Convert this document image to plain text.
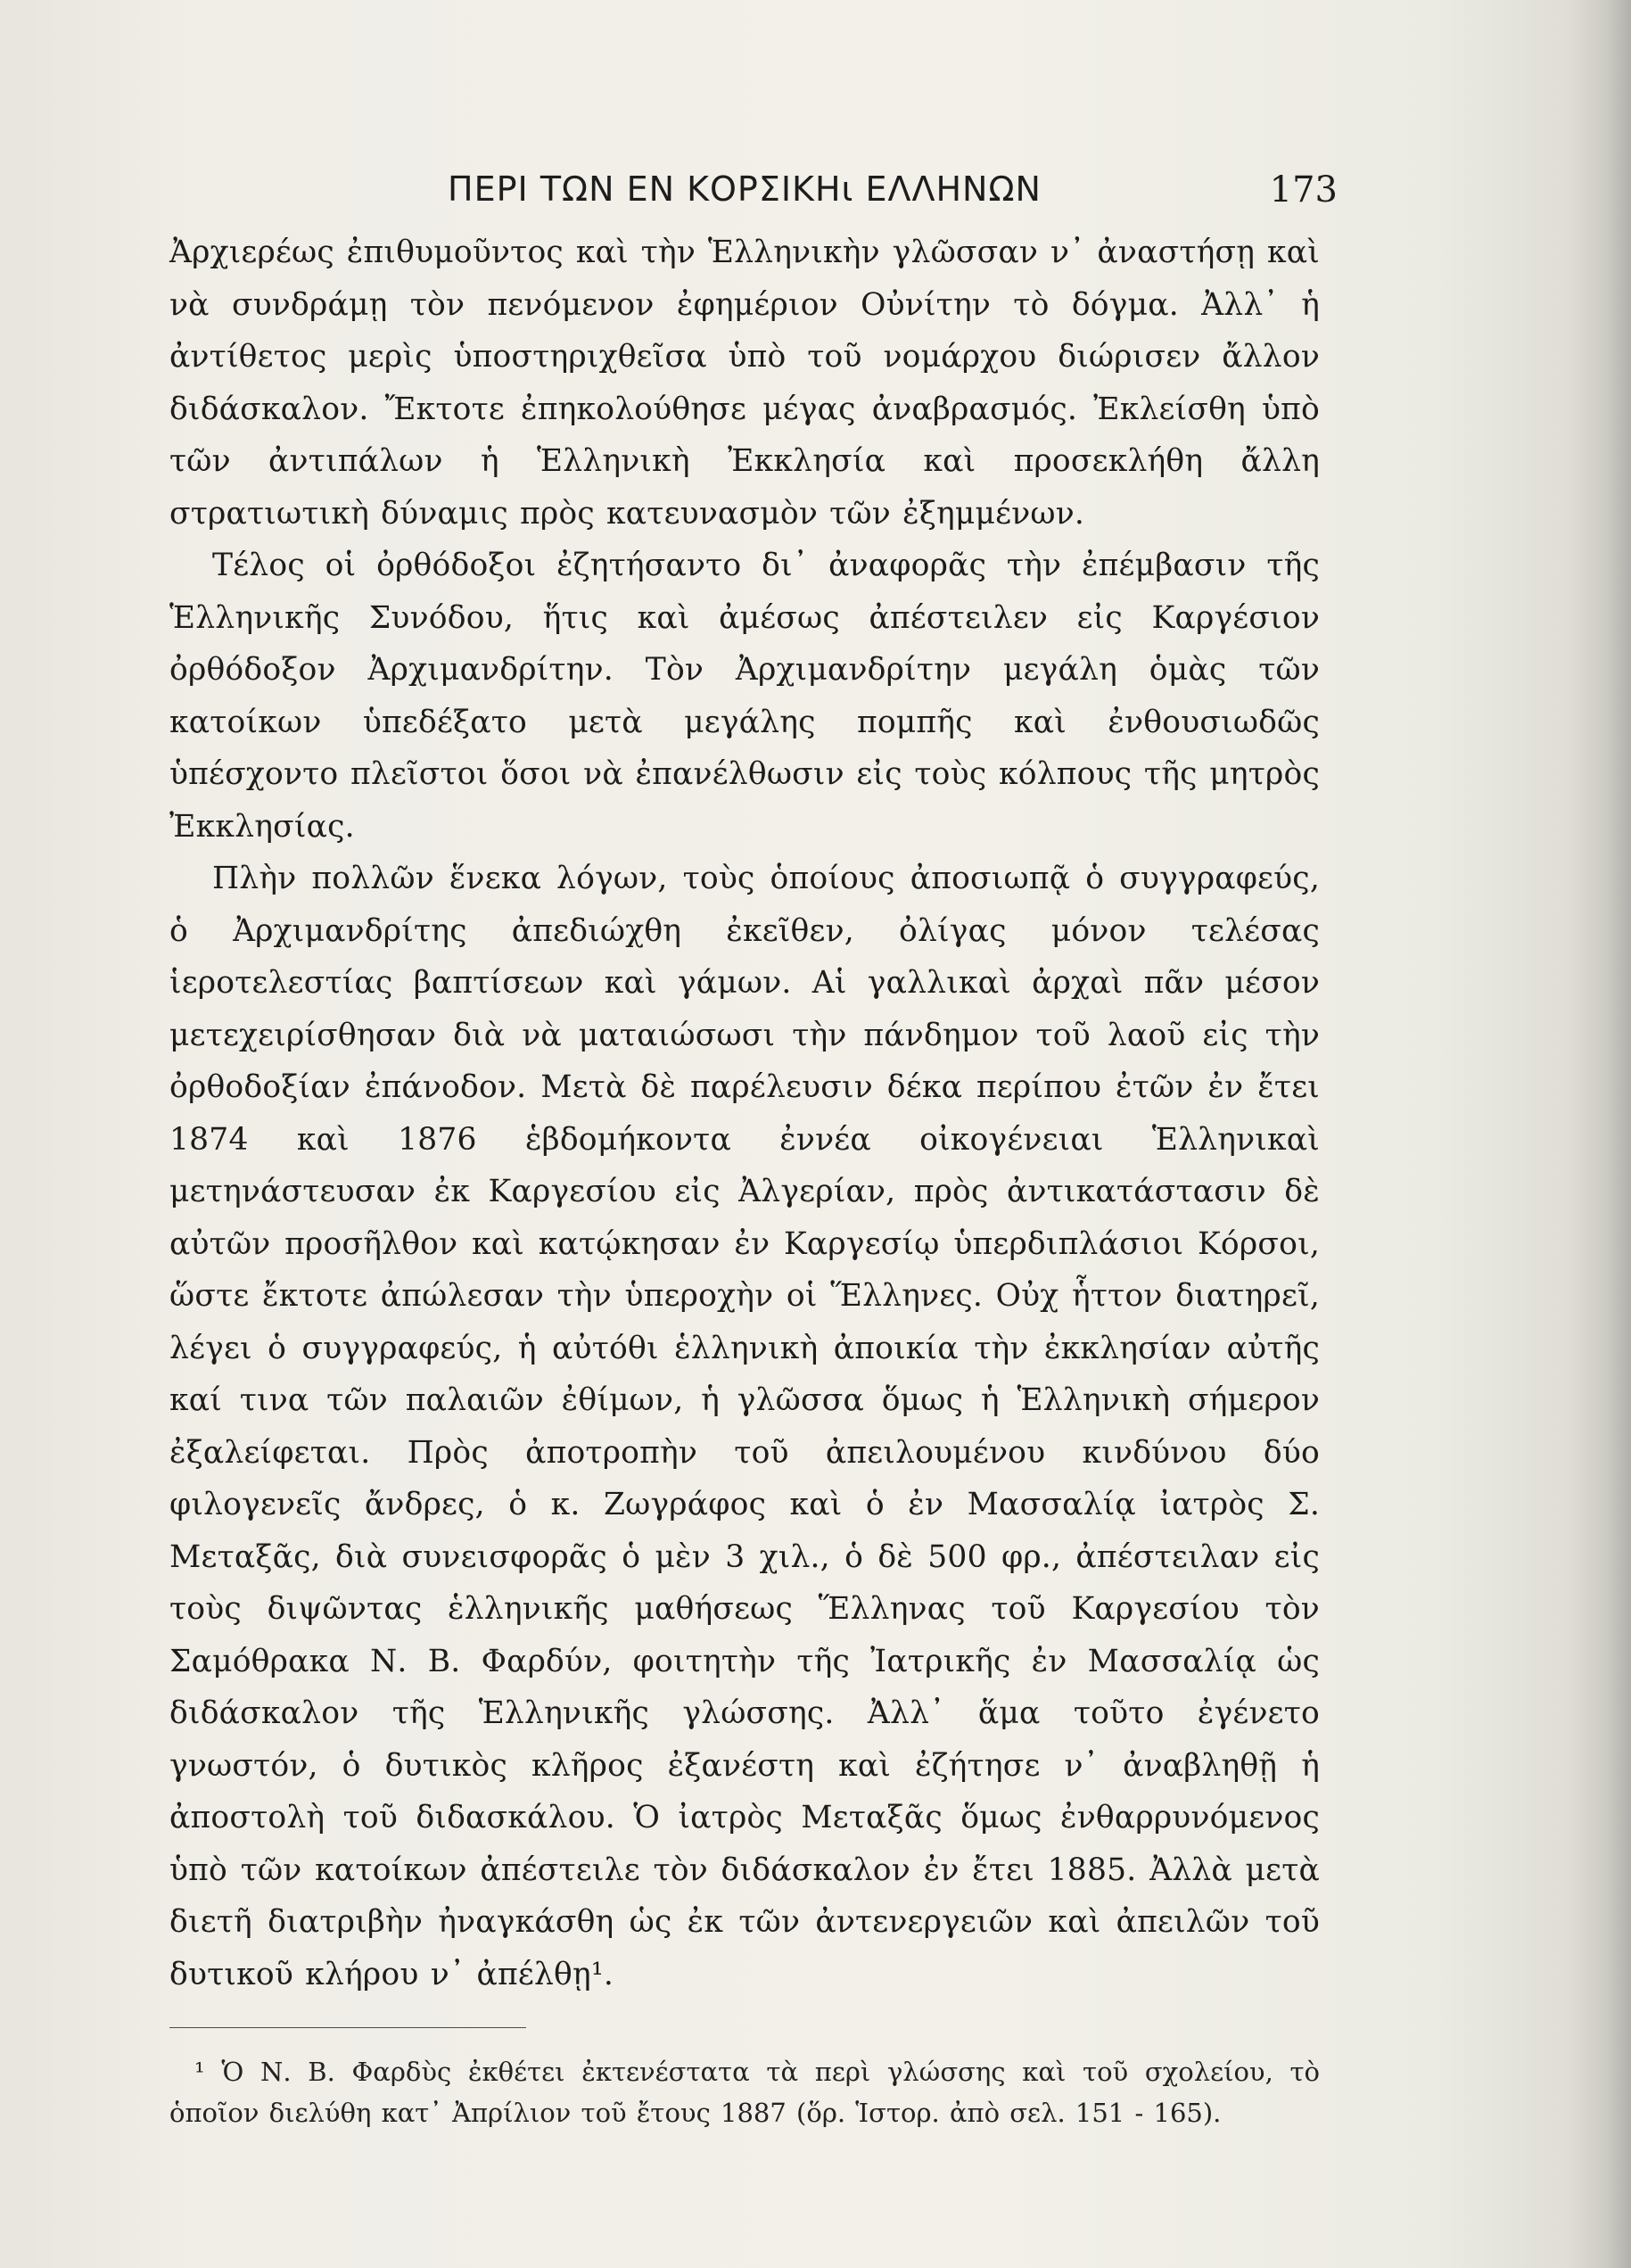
ΠΕΡΙ ΤΩΝ ΕΝ ΚΟΡΣΙΚΗι ΕΛΛΗΝΩΝ	173

Ἀρχιερέως ἐπιθυμοῦντος καὶ τὴν Ἑλληνικὴν γλῶσσαν ν᾿ ἀναστήσῃ καὶ νὰ συνδράμῃ τὸν πενόμενον ἐφημέριον Οὐνίτην τὸ δόγμα. Ἀλλ᾿ ἡ ἀντίθετος μερὶς ὑποστηριχθεῖσα ὑπὸ τοῦ νομάρχου διώρισεν ἄλλον διδάσκαλον. Ἔκτοτε ἐπηκολούθησε μέγας ἀναβρασμός. Ἐκλείσθη ὑπὸ τῶν ἀντιπάλων ἡ Ἑλληνικὴ Ἐκκλησία καὶ προσεκλήθη ἄλλη στρατιωτικὴ δύναμις πρὸς κατευνασμὸν τῶν ἐξημμένων.

Τέλος οἱ ὀρθόδοξοι ἐζητήσαντο δι᾿ ἀναφορᾶς τὴν ἐπέμβασιν τῆς Ἑλληνικῆς Συνόδου, ἥτις καὶ ἀμέσως ἀπέστειλεν εἰς Καργέσιον ὀρθόδοξον Ἀρχιμανδρίτην. Τὸν Ἀρχιμανδρίτην μεγάλη ὁμὰς τῶν κατοίκων ὑπεδέξατο μετὰ μεγάλης πομπῆς καὶ ἐνθουσιωδῶς ὑπέσχοντο πλεῖστοι ὅσοι νὰ ἐπανέλθωσιν εἰς τοὺς κόλπους τῆς μητρὸς Ἐκκλησίας.

Πλὴν πολλῶν ἕνεκα λόγων, τοὺς ὁποίους ἀποσιωπᾷ ὁ συγγραφεύς, ὁ Ἀρχιμανδρίτης ἀπεδιώχθη ἐκεῖθεν, ὀλίγας μόνον τελέσας ἱεροτελεστίας βαπτίσεων καὶ γάμων. Αἱ γαλλικαὶ ἀρχαὶ πᾶν μέσον μετεχειρίσθησαν διὰ νὰ ματαιώσωσι τὴν πάνδημον τοῦ λαοῦ εἰς τὴν ὀρθοδοξίαν ἐπάνοδον. Μετὰ δὲ παρέλευσιν δέκα περίπου ἐτῶν ἐν ἔτει 1874 καὶ 1876 ἑβδομήκοντα ἐννέα οἰκογένειαι Ἑλληνικαὶ μετηνάστευσαν ἐκ Καργεσίου εἰς Ἀλγερίαν, πρὸς ἀντικατάστασιν δὲ αὐτῶν προσῆλθον καὶ κατῴκησαν ἐν Καργεσίῳ ὑπερδιπλάσιοι Κόρσοι, ὥστε ἔκτοτε ἀπώλεσαν τὴν ὑπεροχὴν οἱ Ἕλληνες. Οὐχ ἧττον διατηρεῖ, λέγει ὁ συγγραφεύς, ἡ αὐτόθι ἑλληνικὴ ἀποικία τὴν ἐκκλησίαν αὐτῆς καί τινα τῶν παλαιῶν ἐθίμων, ἡ γλῶσσα ὅμως ἡ Ἑλληνικὴ σήμερον ἐξαλείφεται. Πρὸς ἀποτροπὴν τοῦ ἀπειλουμένου κινδύνου δύο φιλογενεῖς ἄνδρες, ὁ κ. Ζωγράφος καὶ ὁ ἐν Μασσαλίᾳ ἰατρὸς Σ. Μεταξᾶς, διὰ συνεισφορᾶς ὁ μὲν 3 χιλ., ὁ δὲ 500 φρ., ἀπέστειλαν εἰς τοὺς διψῶντας ἑλληνικῆς μαθήσεως Ἕλληνας τοῦ Καργεσίου τὸν Σαμόθρακα Ν. Β. Φαρδύν, φοιτητὴν τῆς Ἰατρικῆς ἐν Μασσαλίᾳ ὡς διδάσκαλον τῆς Ἑλληνικῆς γλώσσης. Ἀλλ᾿ ἅμα τοῦτο ἐγένετο γνωστόν, ὁ δυτικὸς κλῆρος ἐξανέστη καὶ ἐζήτησε ν᾿ ἀναβληθῇ ἡ ἀποστολὴ τοῦ διδασκάλου. Ὁ ἰατρὸς Μεταξᾶς ὅμως ἐνθαρρυνόμενος ὑπὸ τῶν κατοίκων ἀπέστειλε τὸν διδάσκαλον ἐν ἔτει 1885. Ἀλλὰ μετὰ διετῆ διατριβὴν ἠναγκάσθη ὡς ἐκ τῶν ἀντενεργειῶν καὶ ἀπειλῶν τοῦ δυτικοῦ κλήρου ν᾿ ἀπέλθῃ¹.

¹ Ὁ Ν. Β. Φαρδὺς ἐκθέτει ἐκτενέστατα τὰ περὶ γλώσσης καὶ τοῦ σχολείου, τὸ ὁποῖον διελύθη κατ᾿ Ἀπρίλιον τοῦ ἔτους 1887 (ὅρ. Ἱστορ. ἀπὸ σελ. 151 - 165).
